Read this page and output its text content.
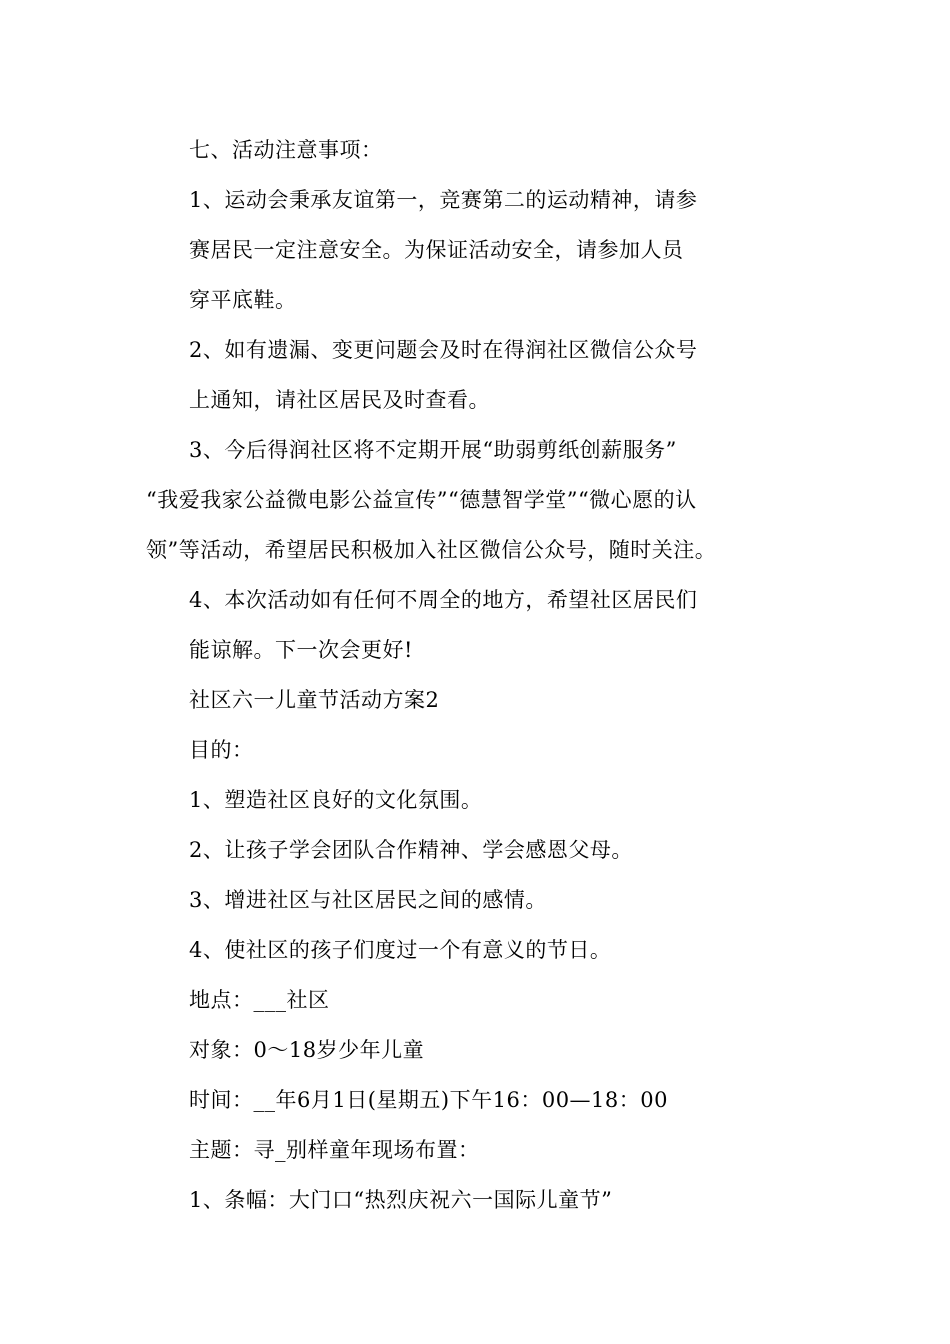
七、活动注意事项：
1、运动会秉承友谊第一，竞赛第二的运动精神，请参
赛居民一定注意安全。为保证活动安全，请参加人员
穿平底鞋。
2、如有遗漏、变更问题会及时在得润社区微信公众号
上通知，请社区居民及时查看。
3、今后得润社区将不定期开展“助弱剪纸创薪服务”
“我爱我家公益微电影公益宣传”“德慧智学堂”“微心愿的认
领”等活动，希望居民积极加入社区微信公众号，随时关注。
4、本次活动如有任何不周全的地方，希望社区居民们
能谅解。下一次会更好!
社区六一儿童节活动方案2
目的：
1、塑造社区良好的文化氛围。
2、让孩子学会团队合作精神、学会感恩父母。
3、增进社区与社区居民之间的感情。
4、使社区的孩子们度过一个有意义的节日。
地点：___社区
对象：0～18岁少年儿童
时间：__年6月1日(星期五)下午16：00—18：00
主题：寻_别样童年现场布置：
1、条幅：大门口“热烈庆祝六一国际儿童节”
